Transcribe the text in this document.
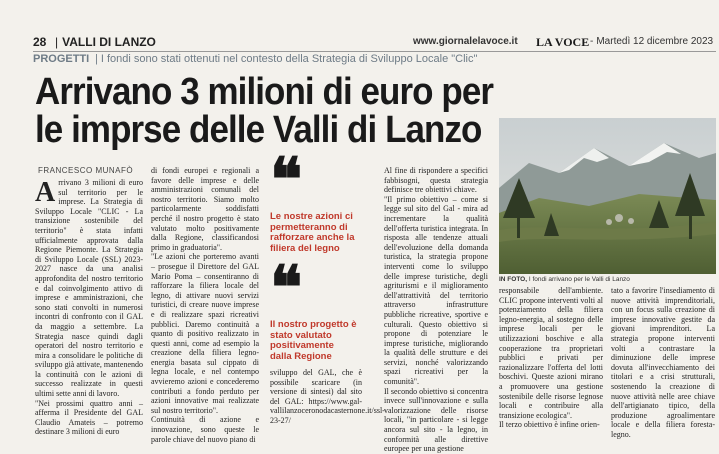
28 | VALLI DI LANZO	www.giornalelavoce.it LA VOCE - Martedì 12 dicembre 2023
PROGETTI | I fondi sono stati ottenuti nel contesto della Strategia di Sviluppo Locale "Clic"
Arrivano 3 milioni di euro per
le imprse delle Valli di Lanzo
FRANCESCO MUNAFÒ
Arrivano 3 milioni di euro sul territorio per le imprese. La Strategia di Sviluppo Locale "CLIC - La transizione sostenibile del territorio" è stata infatti ufficialmente approvata dalla Regione Piemonte. La Strategia di Sviluppo Locale (SSL) 2023-2027 nasce da una analisi approfondita del nostro territorio e dal coinvolgimento attivo di imprese e amministrazioni, che sono stati convolti in numerosi incontri di confronto con il GAL da maggio a settembre. La Strategia nasce quindi dagli operatori del nostro territorio e mira a consolidare le politiche di sviluppo già attivate, mantenendo la continuità con le azioni di successo realizzate in questi ultimi sette anni di lavoro.
"Nei prossimi quattro anni – afferma il Presidente del GAL Claudio Amateis – potremo destinare 3 milioni di euro
di fondi europei e regionali a favore delle imprese e delle amministrazioni comunali del nostro territorio. Siamo molto particolarmente soddisfatti perché il nostro progetto è stato valutato molto positivamente dalla Regione, classificandosi primo in graduatoria".
"Le azioni che porteremo avanti – prosegue il Direttore del GAL Mario Poma – consentiranno di rafforzare la filiera locale del legno, di attivare nuovi servizi turistici, di creare nuove imprese e di realizzare spazi ricreativi pubblici. Daremo continuità a quanto di positivo realizzato in questi anni, come ad esempio la creazione della filiera legno-energia basata sul cippato di legna locale, e nel contempo avvieremo azioni e concederemo contributi a fondo perduto per azioni innovative mai realizzate sul nostro territorio".
Continuità di azione e innovazione, sono queste le parole chiave del nuovo piano di
❝
Le nostre azioni ci permetteranno di rafforzare anche la filiera del legno
❝
Il nostro progetto è stato valutato positivamente dalla Regione
sviluppo del GAL, che è possibile scaricare (in versione di sintesi) dal sito del GAL: https://www.gal-vallilanzoceronodacasternone.it/ssl-23-27/
Al fine di rispondere a specifici fabbisogni, questa strategia definisce tre obiettivi chiave.
"Il primo obiettivo – come si legge sul sito del Gal - mira ad incrementare la qualità dell'offerta turistica integrata. In risposta alle tendenze attuali dell'evoluzione della domanda turistica, la strategia propone interventi come lo sviluppo delle imprese turistiche, degli agriturismi e il miglioramento dell'attrattività del territorio attraverso infrastrutture pubbliche ricreative, sportive e culturali. Questo obiettivo si propone di potenziare le imprese turistiche, migliorando la qualità delle strutture e dei servizi, nonché valorizzando spazi ricreativi per la comunità".
Il secondo obiettivo si concentra invece sull'innovazione e sulla valorizzazione delle risorse locali, "in particolare - si legge ancora sul sito - la legno, in conformità alle direttive europee per una gestione
IN FOTO, I fondi arrivano per le Valli di Lanzo
responsabile dell'ambiente. CLIC propone interventi volti al potenziamento della filiera legno-energia, al sostegno delle imprese locali per le utilizzazioni boschive e alla cooperazione tra proprietari pubblici e privati per razionalizzare l'offerta del lotti boschivi. Queste azioni mirano a promuovere una gestione sostenibile delle risorse legnose locali e contribuire alla transizione ecologica".
Il terzo obiettivo è infine orien-
tato a favorire l'insediamento di nuove attività imprenditoriali, con un focus sulla creazione di imprese innovative gestite da giovani imprenditori. La strategia propone interventi volti a contrastare la diminuzione delle imprese dovuta all'invecchiamento dei titolari e a crisi strutturali, sostenendo la creazione di nuove attività nelle aree chiave dell'artigianato tipico, della produzione agroalimentare locale e della filiera foresta-legno.
